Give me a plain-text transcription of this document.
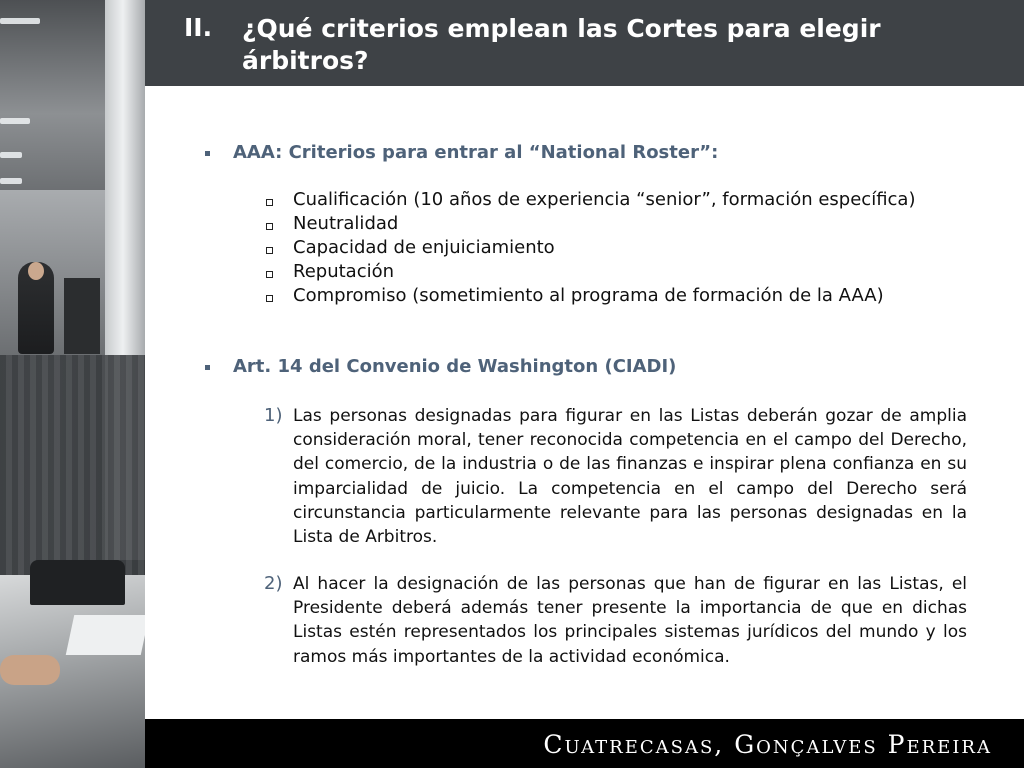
II. ¿Qué criterios emplean las Cortes para elegir árbitros?
AAA: Criterios para entrar al “National Roster”:
Cualificación (10 años de experiencia “senior”, formación específica)
Neutralidad
Capacidad de enjuiciamiento
Reputación
Compromiso (sometimiento al programa de formación de la AAA)
Art. 14 del Convenio de Washington (CIADI)
1) Las personas designadas para figurar en las Listas deberán gozar de amplia consideración moral, tener reconocida competencia en el campo del Derecho, del comercio, de la industria o de las finanzas e inspirar plena confianza en su imparcialidad de juicio. La competencia en el campo del Derecho será circunstancia particularmente relevante para las personas designadas en la Lista de Arbitros.
2) Al hacer la designación de las personas que han de figurar en las Listas, el Presidente deberá además tener presente la importancia de que en dichas Listas estén representados los principales sistemas jurídicos del mundo y los ramos más importantes de la actividad económica.
Cuatrecasas, Gonçalves Pereira
